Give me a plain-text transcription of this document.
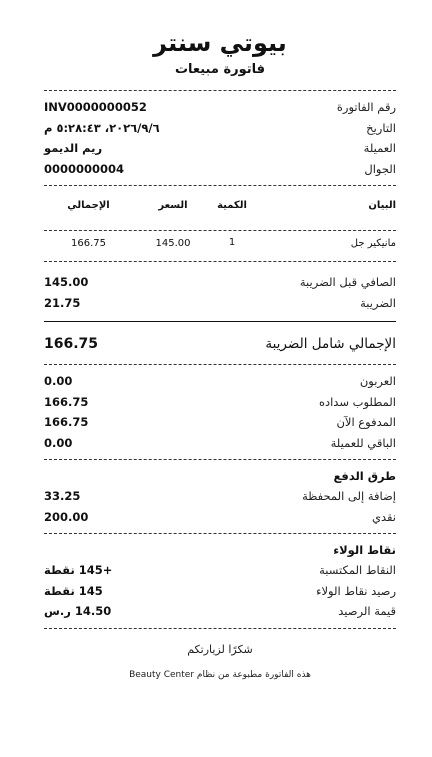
بيوتي سنتر
فاتورة مبيعات
رقم الفاتورة
INV0000000052
التاريخ
٢٠٢٦/٩/٦، ٥:٢٨:٤٣ م
العميلة
ريم الديمو
الجوال
0000000004
البيان
الكمية
السعر
الإجمالي
مانيكير جل
1
145.00
166.75
الصافي قبل الضريبة
145.00
الضريبة
21.75
الإجمالي شامل الضريبة
166.75
العربون
0.00
المطلوب سداده
166.75
المدفوع الآن
166.75
الباقي للعميلة
0.00
طرق الدفع
إضافة إلى المحفظة
33.25
نقدي
200.00
نقاط الولاء
النقاط المكتسبة
+145 نقطة
رصيد نقاط الولاء
145 نقطة
قيمة الرصيد
14.50 ر.س
شكرًا لزيارتكم
هذه الفاتورة مطبوعة من نظام Beauty Center
